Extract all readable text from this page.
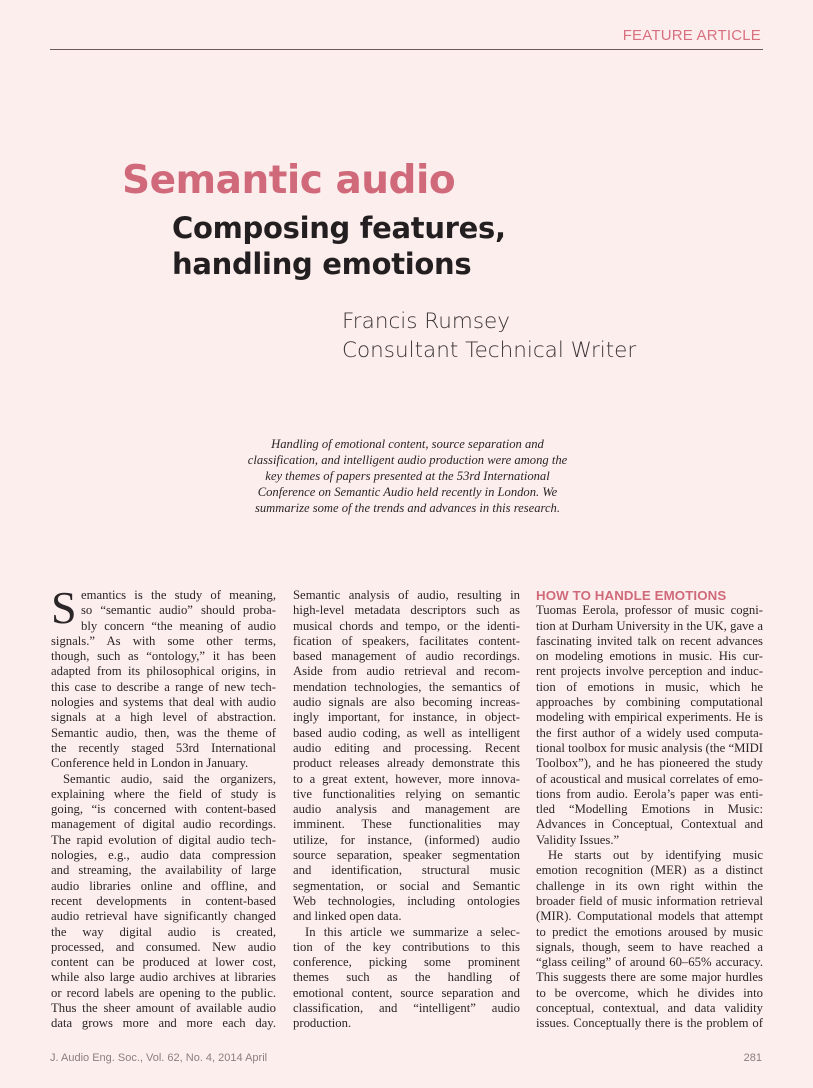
FEATURE ARTICLE
Semantic audio
Composing features,
handling emotions
Francis Rumsey
Consultant Technical Writer
Handling of emotional content, source separation and
classification, and intelligent audio production were among the
key themes of papers presented at the 53rd International
Conference on Semantic Audio held recently in London. We
summarize some of the trends and advances in this research.
S emantics is the study of meaning,
so “semantic audio” should proba-
bly concern “the meaning of audio
signals.” As with some other terms,
though, such as “ontology,” it has been
adapted from its philosophical origins, in
this case to describe a range of new tech-
nologies and systems that deal with audio
signals at a high level of abstraction.
Semantic audio, then, was the theme of
the recently staged 53rd International
Conference held in London in January.
Semantic audio, said the organizers,
explaining where the field of study is
going, “is concerned with content-based
management of digital audio recordings.
The rapid evolution of digital audio tech-
nologies, e.g., audio data compression
and streaming, the availability of large
audio libraries online and offline, and
recent developments in content-based
audio retrieval have significantly changed
the way digital audio is created,
processed, and consumed. New audio
content can be produced at lower cost,
while also large audio archives at libraries
or record labels are opening to the public.
Thus the sheer amount of available audio
data grows more and more each day.
Semantic analysis of audio, resulting in
high-level metadata descriptors such as
musical chords and tempo, or the identi-
fication of speakers, facilitates content-
based management of audio recordings.
Aside from audio retrieval and recom-
mendation technologies, the semantics of
audio signals are also becoming increas-
ingly important, for instance, in object-
based audio coding, as well as intelligent
audio editing and processing. Recent
product releases already demonstrate this
to a great extent, however, more innova-
tive functionalities relying on semantic
audio analysis and management are
imminent. These functionalities may
utilize, for instance, (informed) audio
source separation, speaker segmentation
and identification, structural music
segmentation, or social and Semantic
Web technologies, including ontologies
and linked open data.
In this article we summarize a selec-
tion of the key contributions to this
conference, picking some prominent
themes such as the handling of
emotional content, source separation and
classification, and “intelligent” audio
production.
HOW TO HANDLE EMOTIONS
Tuomas Eerola, professor of music cogni-
tion at Durham University in the UK, gave a
fascinating invited talk on recent advances
on modeling emotions in music. His cur-
rent projects involve perception and induc-
tion of emotions in music, which he
approaches by combining computational
modeling with empirical experiments. He is
the first author of a widely used computa-
tional toolbox for music analysis (the “MIDI
Toolbox”), and he has pioneered the study
of acoustical and musical correlates of emo-
tions from audio. Eerola’s paper was enti-
tled “Modelling Emotions in Music:
Advances in Conceptual, Contextual and
Validity Issues.”
He starts out by identifying music
emotion recognition (MER) as a distinct
challenge in its own right within the
broader field of music information retrieval
(MIR). Computational models that attempt
to predict the emotions aroused by music
signals, though, seem to have reached a
“glass ceiling” of around 60–65% accuracy.
This suggests there are some major hurdles
to be overcome, which he divides into
conceptual, contextual, and data validity
issues. Conceptually there is the problem of
J. Audio Eng. Soc., Vol. 62, No. 4, 2014 April	281
